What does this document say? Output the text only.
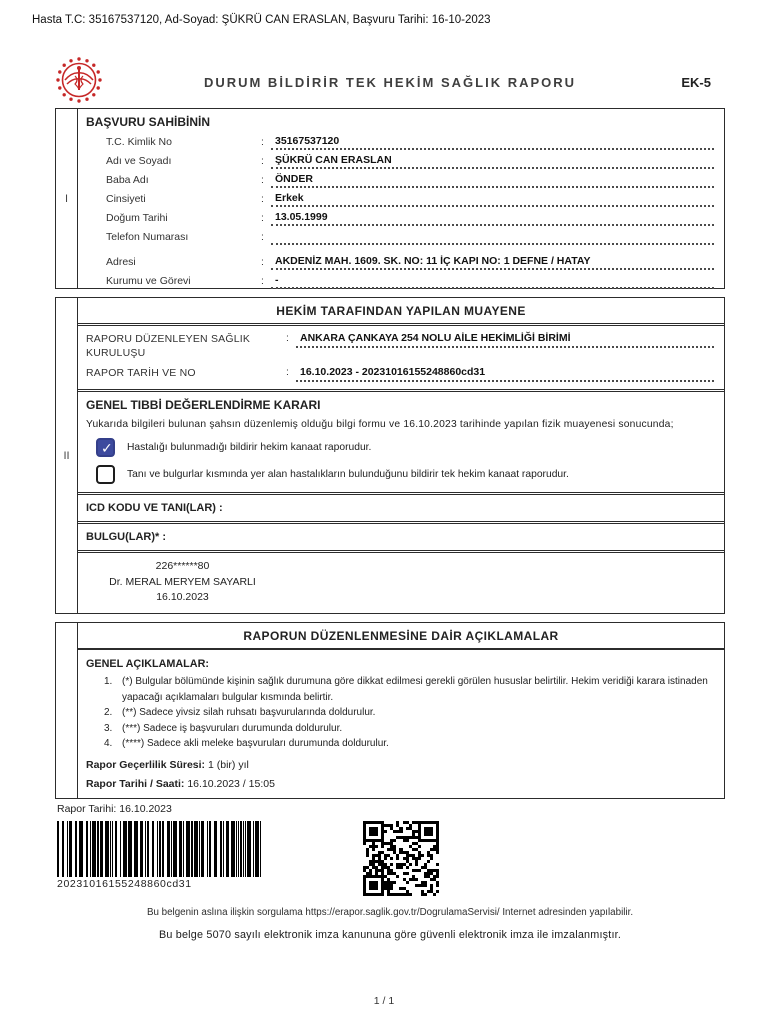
Hasta T.C: 35167537120, Ad-Soyad: ŞÜKRÜ CAN ERASLAN, Başvuru Tarihi: 16-10-2023
DURUM BİLDİRİR TEK HEKİM SAĞLIK RAPORU	EK-5
I
BAŞVURU SAHİBİNİN
T.C. Kimlik No	:	35167537120
Adı ve Soyadı	:	ŞÜKRÜ CAN ERASLAN
Baba Adı	:	ÖNDER
Cinsiyeti	:	Erkek
Doğum Tarihi	:	13.05.1999
Telefon Numarası	:
Adresi	:	AKDENİZ MAH. 1609. SK. NO: 11 İÇ KAPI NO: 1 DEFNE / HATAY
Kurumu ve Görevi	:	-
II
HEKİM TARAFINDAN YAPILAN MUAYENE
RAPORU DÜZENLEYEN SAĞLIK KURULUŞU
:	ANKARA ÇANKAYA 254 NOLU AİLE HEKİMLİĞİ BİRİMİ
RAPOR TARİH VE NO	:	16.10.2023 - 20231016155248860cd31
GENEL TIBBİ DEĞERLENDİRME KARARI
Yukarıda bilgileri bulunan şahsın düzenlemiş olduğu bilgi formu ve 16.10.2023 tarihinde yapılan fizik muayenesi sonucunda;
✓
Hastalığı bulunmadığı bildirir hekim kanaat raporudur.
Tanı ve bulgurlar kısmında yer alan hastalıkların bulunduğunu bildirir tek hekim kanaat raporudur.
ICD KODU VE TANI(LAR) :
BULGU(LAR)* :
226******80
Dr. MERAL MERYEM SAYARLI
16.10.2023
RAPORUN DÜZENLENMESİNE DAİR AÇIKLAMALAR
GENEL AÇIKLAMALAR:
1. (*) Bulgular bölümünde kişinin sağlık durumuna göre dikkat edilmesi gerekli görülen hususlar belirtilir. Hekim veridiği karara istinaden yapacağı açıklamaları bulgular kısmında belirtir.
2. (**) Sadece yivsiz silah ruhsatı başvurularında doldurulur.
3. (***) Sadece iş başvuruları durumunda doldurulur.
4. (****) Sadece akli meleke başvuruları durumunda doldurulur.
Rapor Geçerlilik Süresi: 1 (bir) yıl
Rapor Tarihi / Saati: 16.10.2023 / 15:05
Rapor Tarihi: 16.10.2023
20231016155248860cd31
Bu belgenin aslına ilişkin sorgulama https://erapor.saglik.gov.tr/DogrulamaServisi/ Internet adresinden yapılabilir.
Bu belge 5070 sayılı elektronik imza kanununa göre güvenli elektronik imza ile imzalanmıştır.
1 / 1
